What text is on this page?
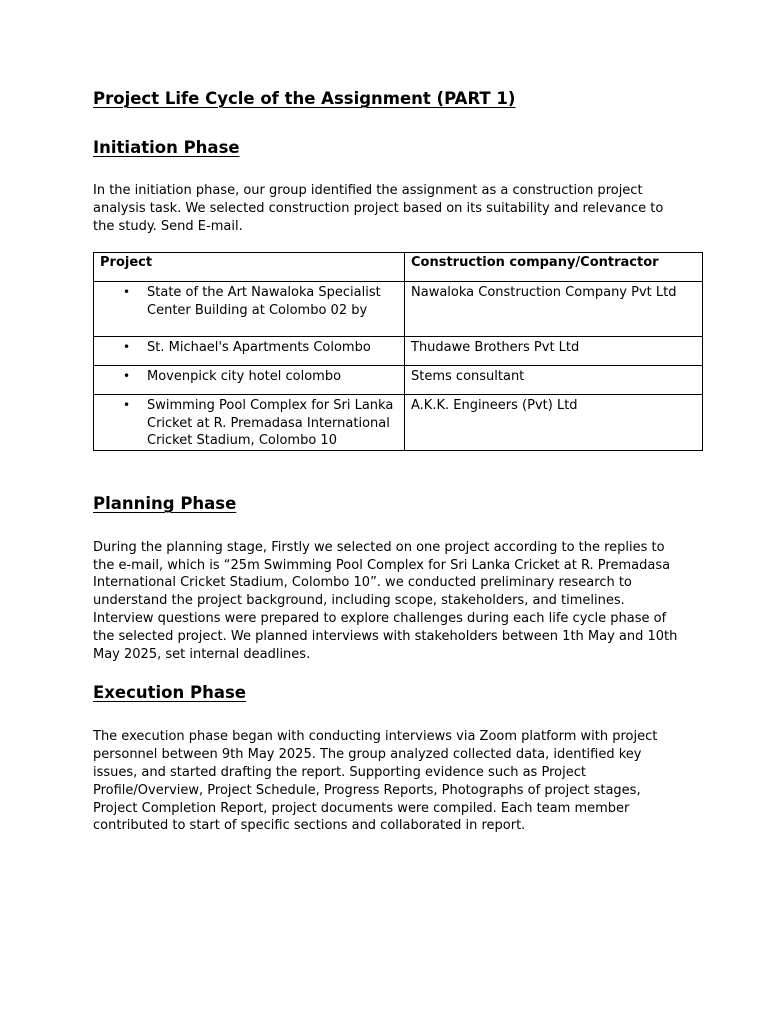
Project Life Cycle of the Assignment (PART 1)
Initiation Phase

In the initiation phase, our group identified the assignment as a construction project analysis task. We selected construction project based on its suitability and relevance to the study. Send E-mail.

Project	Construction company/Contractor

• State of the Art Nawaloka Specialist Center Building at Colombo 02 by	Nawaloka Construction Company Pvt Ltd

• St. Michael's Apartments Colombo	Thudawe Brothers Pvt Ltd

• Movenpick city hotel colombo	Stems consultant

• Swimming Pool Complex for Sri Lanka Cricket at R. Premadasa International Cricket Stadium, Colombo 10	A.K.K. Engineers (Pvt) Ltd
Planning Phase

During the planning stage, Firstly we selected on one project according to the replies to the e-mail, which is “25m Swimming Pool Complex for Sri Lanka Cricket at R. Premadasa International Cricket Stadium, Colombo 10”. we conducted preliminary research to understand the project background, including scope, stakeholders, and timelines. Interview questions were prepared to explore challenges during each life cycle phase of the selected project. We planned interviews with stakeholders between 1th May and 10th May 2025, set internal deadlines.

Execution Phase

The execution phase began with conducting interviews via Zoom platform with project personnel between 9th May 2025. The group analyzed collected data, identified key issues, and started drafting the report. Supporting evidence such as Project Profile/Overview, Project Schedule, Progress Reports, Photographs of project stages, Project Completion Report, project documents were compiled. Each team member contributed to start of specific sections and collaborated in report.
